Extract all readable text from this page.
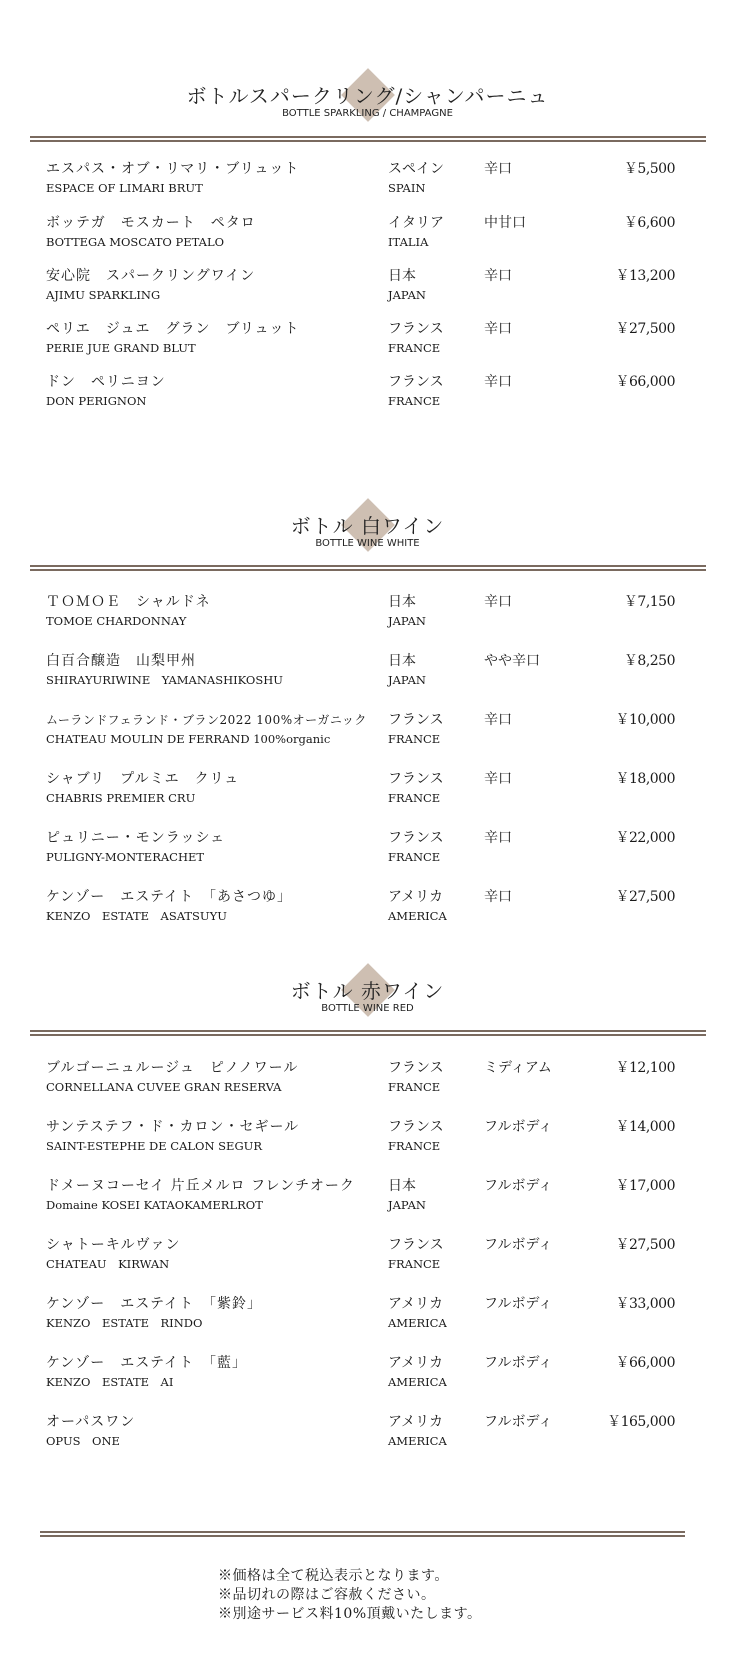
ボトルスパークリング/シャンパーニュ
BOTTLE SPARKLING / CHAMPAGNE
エスパス・オブ・リマリ・ブリュット
ESPACE OF LIMARI BRUT
スペイン
SPAIN
辛口	￥5,500
ボッテガ　モスカート　ペタロ
BOTTEGA MOSCATO PETALO
イタリア
ITALIA
中甘口	￥6,600
安心院　スパークリングワイン
AJIMU SPARKLING
日本
JAPAN
辛口	￥13,200
ペリエ　ジュエ　グラン　ブリュット
PERIE JUE GRAND BLUT
フランス
FRANCE
辛口	￥27,500
ドン　ペリニヨン
DON PERIGNON
フランス
FRANCE
辛口	￥66,000
ボトル 白ワイン
BOTTLE WINE WHITE
ＴＯＭＯＥ　シャルドネ
TOMOE CHARDONNAY
日本
JAPAN
辛口	￥7,150
白百合醸造　山梨甲州
SHIRAYURIWINE　YAMANASHIKOSHU
日本
JAPAN
やや辛口	￥8,250
ムーランドフェランド・ブラン2022 100%オーガニック
CHATEAU MOULIN DE FERRAND 100%organic
フランス
FRANCE
辛口	￥10,000
シャブリ　プルミエ　クリュ
CHABRIS PREMIER CRU
フランス
FRANCE
辛口	￥18,000
ピュリニー・モンラッシェ
PULIGNY-MONTERACHET
フランス
FRANCE
辛口	￥22,000
ケンゾー　エステイト　「あさつゆ」
KENZO　ESTATE　ASATSUYU
アメリカ
AMERICA
辛口	￥27,500
ボトル 赤ワイン
BOTTLE WINE RED
ブルゴーニュルージュ　ピノノワール
CORNELLANA CUVEE GRAN RESERVA
フランス
FRANCE
ミディアム	￥12,100
サンテステフ・ド・カロン・セギール
SAINT-ESTEPHE DE CALON SEGUR
フランス
FRANCE
フルボディ	￥14,000
ドメーヌコーセイ 片丘メルロ フレンチオーク
Domaine KOSEI KATAOKAMERLROT
日本
JAPAN
フルボディ	￥17,000
シャトーキルヴァン
CHATEAU　KIRWAN
フランス
FRANCE
フルボディ	￥27,500
ケンゾー　エステイト　「紫鈴」
KENZO　ESTATE　RINDO
アメリカ
AMERICA
フルボディ	￥33,000
ケンゾー　エステイト　「藍」
KENZO　ESTATE　AI
アメリカ
AMERICA
フルボディ	￥66,000
オーパスワン
OPUS　ONE
アメリカ
AMERICA
フルボディ	￥165,000
※価格は全て税込表示となります。
※品切れの際はご容赦ください。
※別途サービス料10%頂戴いたします。
